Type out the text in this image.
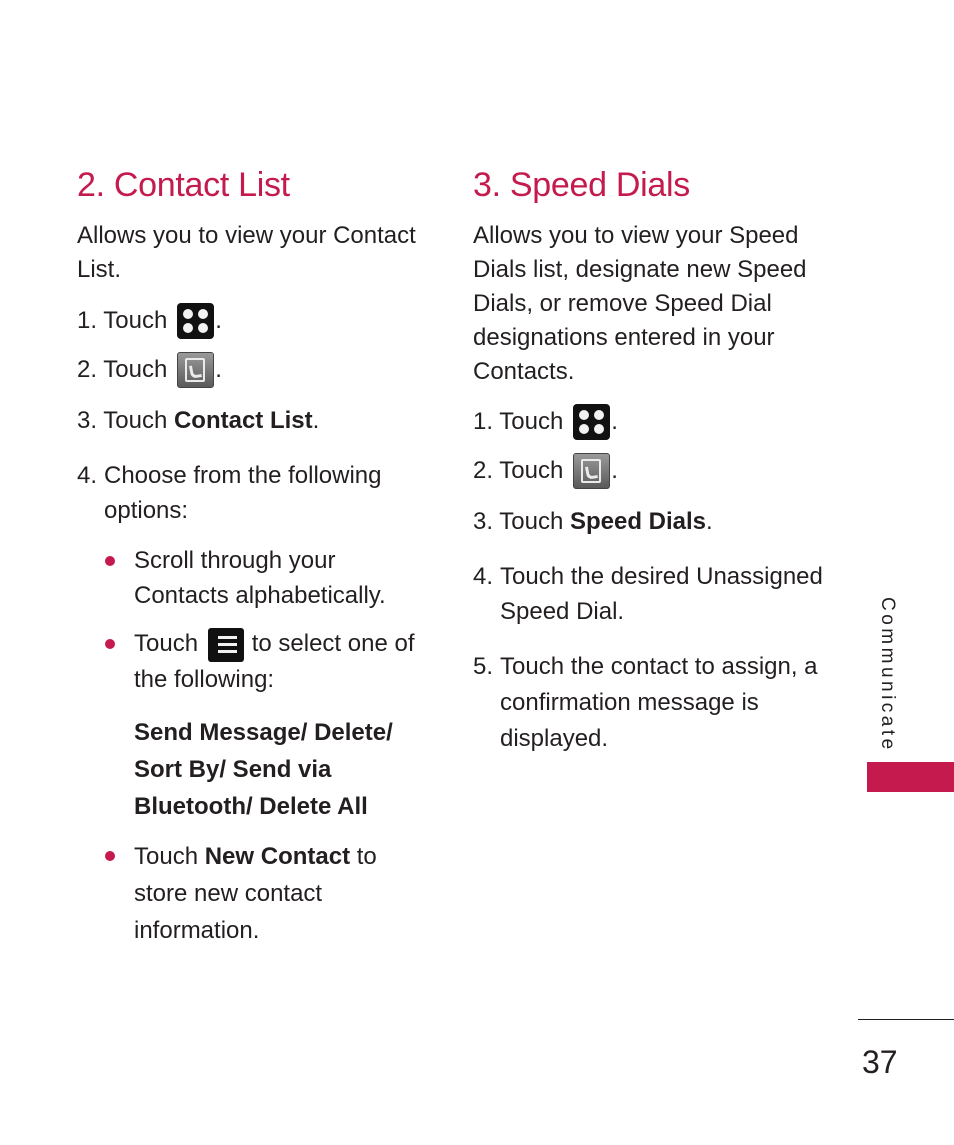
2. Contact List

Allows you to view your Contact List.

1. Touch .
2. Touch .
3. Touch Contact List.
4. Choose from the following options:
Scroll through your Contacts alphabetically.
Touch to select one of the following:
Send Message/ Delete/
Sort By/ Send via
Bluetooth/ Delete All
Touch New Contact to store new contact information.
3. Speed Dials

Allows you to view your Speed Dials list, designate new Speed Dials, or remove Speed Dial designations entered in your Contacts.

1. Touch .
2. Touch .
3. Touch Speed Dials.
4. Touch the desired Unassigned Speed Dial.
5. Touch the contact to assign, a confirmation message is displayed.	Communicate
37
